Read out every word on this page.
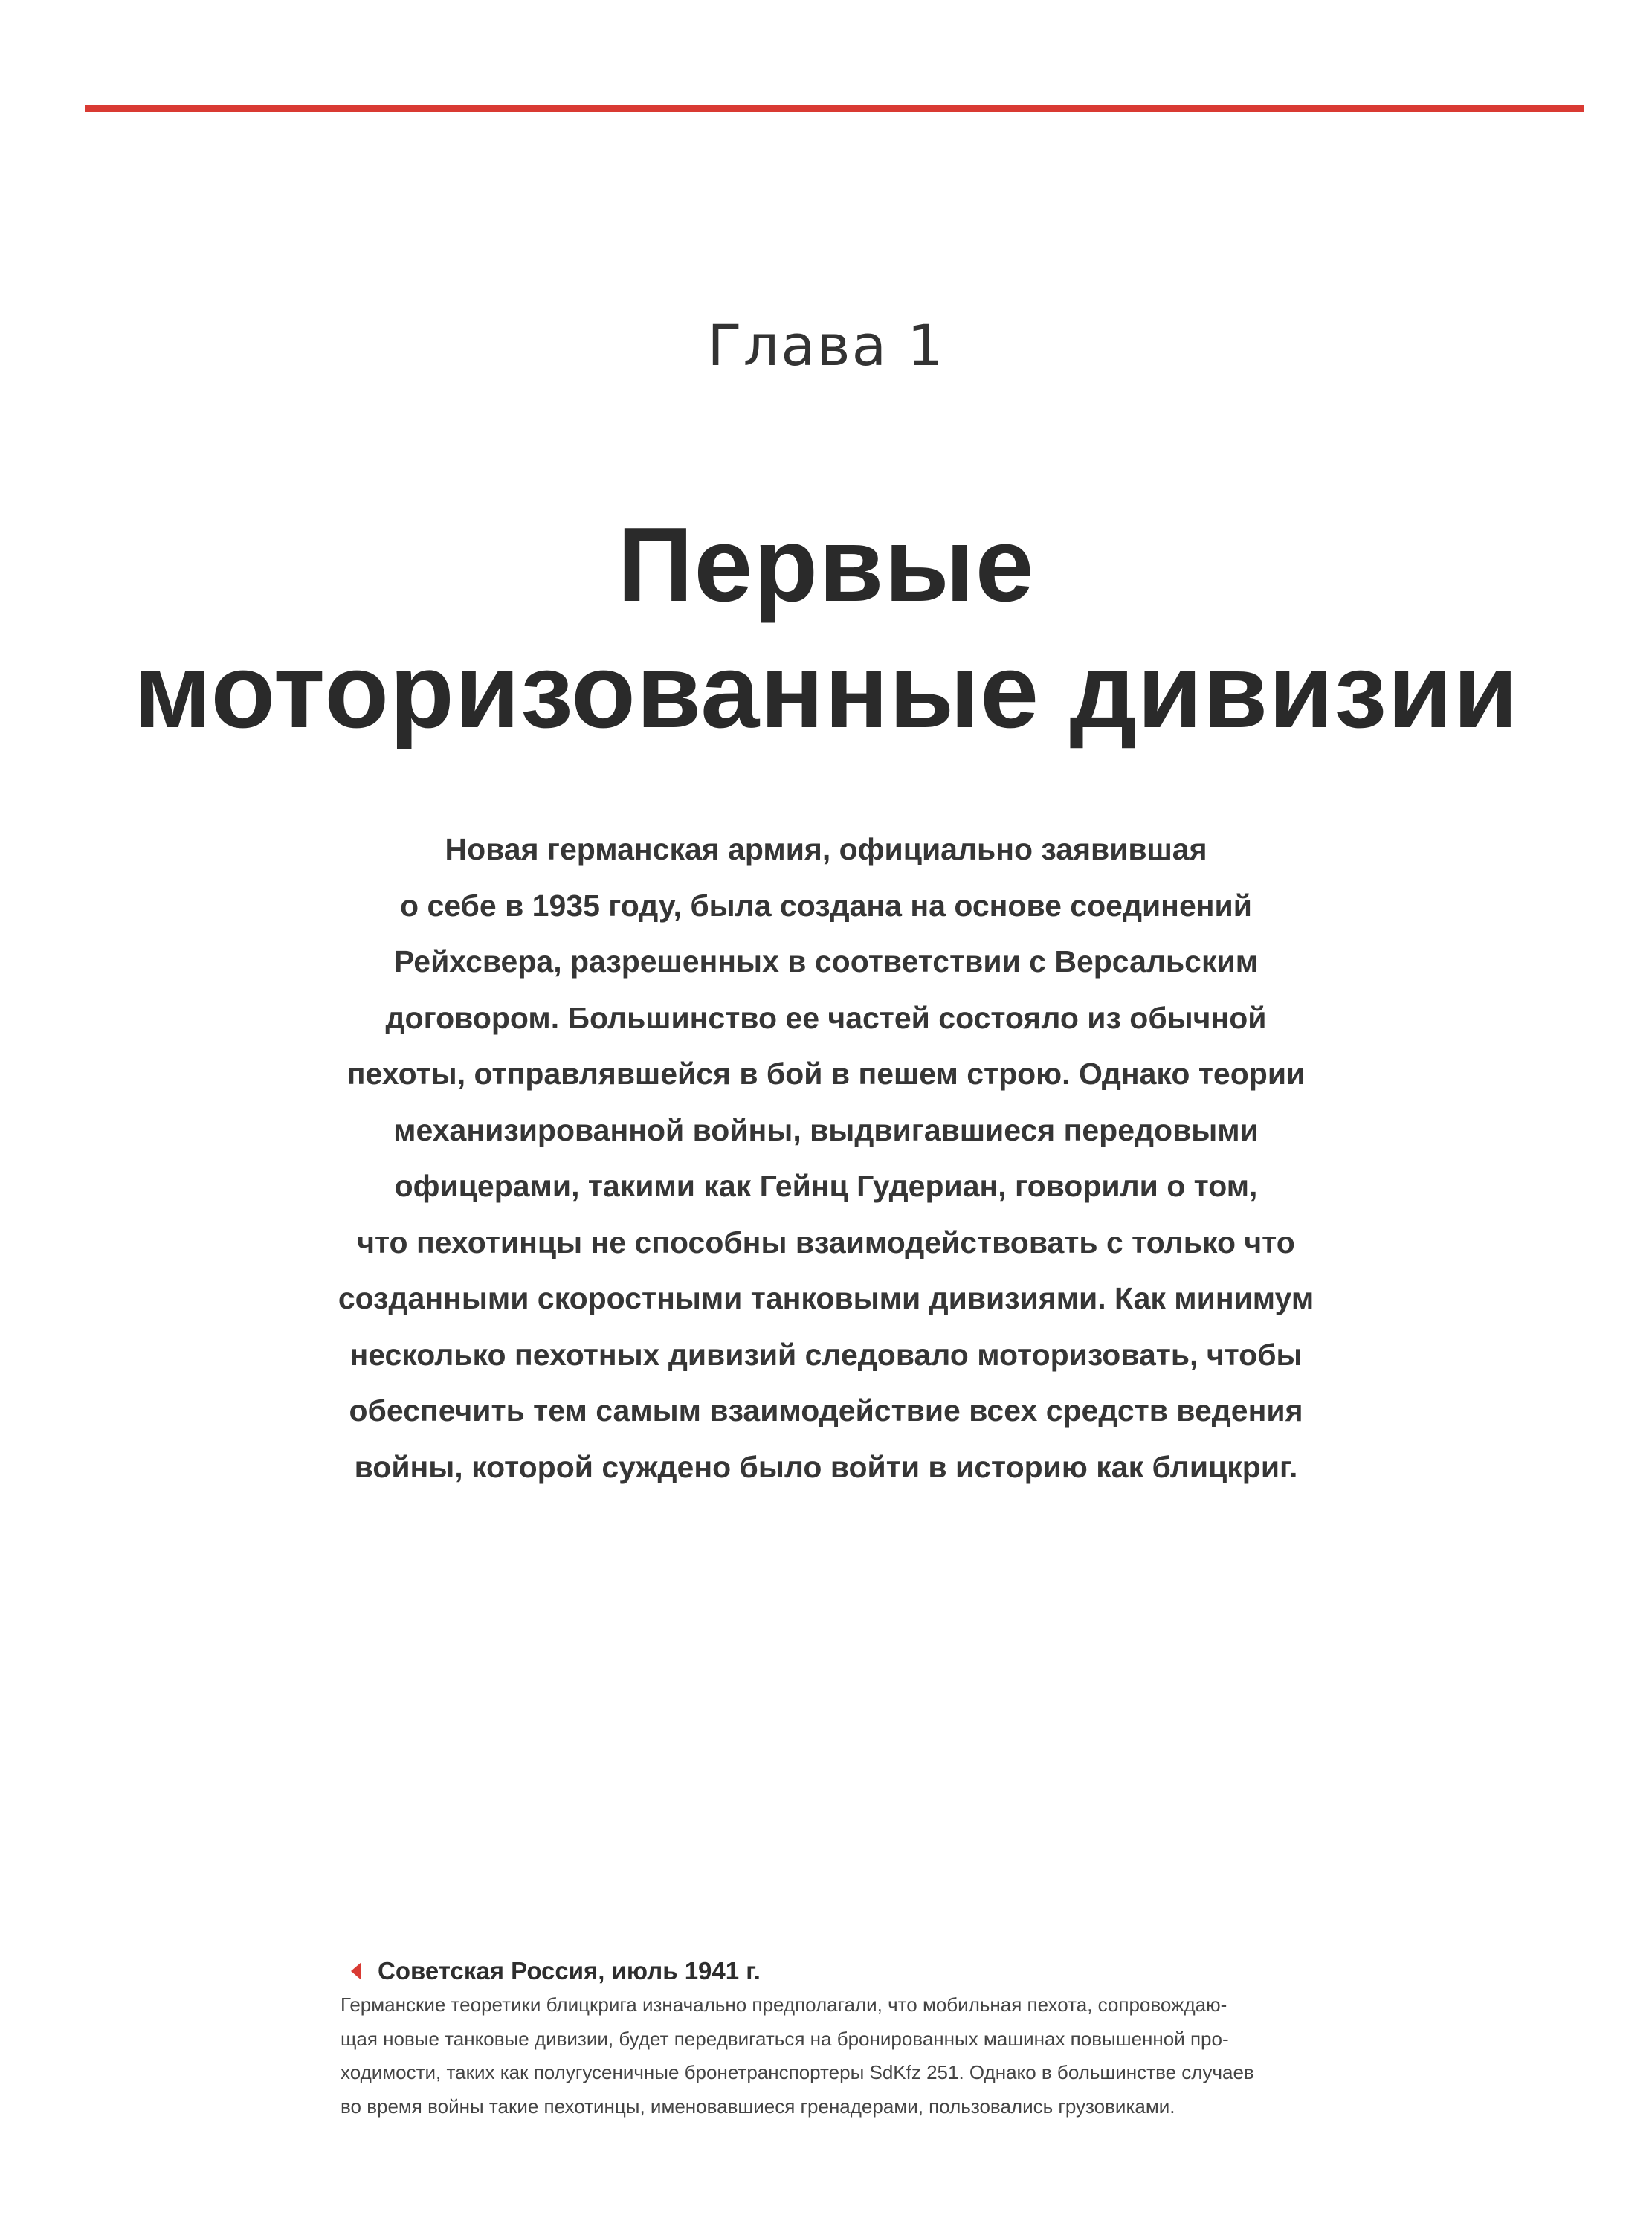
Глава 1
Первые
моторизованные дивизии
Новая германская армия, официально заявившая
о себе в 1935 году, была создана на основе соединений
Рейхсвера, разрешенных в соответствии с Версальским
договором. Большинство ее частей состояло из обычной
пехоты, отправлявшейся в бой в пешем строю. Однако теории
механизированной войны, выдвигавшиеся передовыми
офицерами, такими как Гейнц Гудериан, говорили о том,
что пехотинцы не способны взаимодействовать с только что
созданными скоростными танковыми дивизиями. Как минимум
несколько пехотных дивизий следовало моторизовать, чтобы
обеспечить тем самым взаимодействие всех средств ведения
войны, которой суждено было войти в историю как блицкриг.
Советская Россия, июль 1941 г.
Германские теоретики блицкрига изначально предполагали, что мобильная пехота, сопровождаю-
щая новые танковые дивизии, будет передвигаться на бронированных машинах повышенной про-
ходимости, таких как полугусеничные бронетранспортеры SdKfz 251. Однако в большинстве случаев
во время войны такие пехотинцы, именовавшиеся гренадерами, пользовались грузовиками.
